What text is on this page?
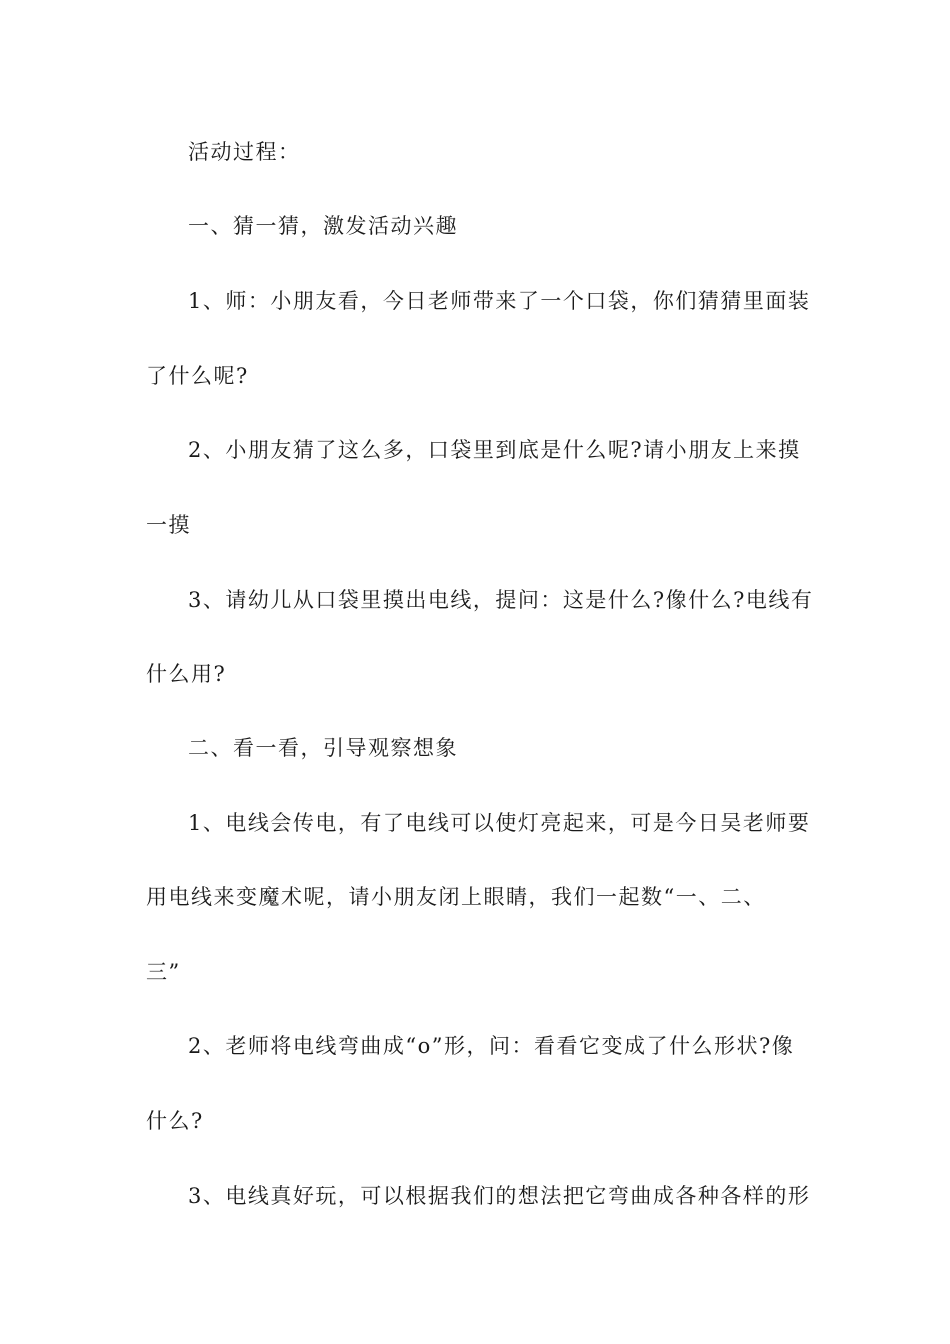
活动过程：
一、猜一猜，激发活动兴趣
1、师：小朋友看，今日老师带来了一个口袋，你们猜猜里面装
了什么呢?
2、小朋友猜了这么多，口袋里到底是什么呢?请小朋友上来摸
一摸
3、请幼儿从口袋里摸出电线，提问：这是什么?像什么?电线有
什么用?
二、看一看，引导观察想象
1、电线会传电，有了电线可以使灯亮起来，可是今日吴老师要
用电线来变魔术呢，请小朋友闭上眼睛，我们一起数“一、二、
三”
2、老师将电线弯曲成“o”形，问：看看它变成了什么形状?像
什么?
3、电线真好玩，可以根据我们的想法把它弯曲成各种各样的形
